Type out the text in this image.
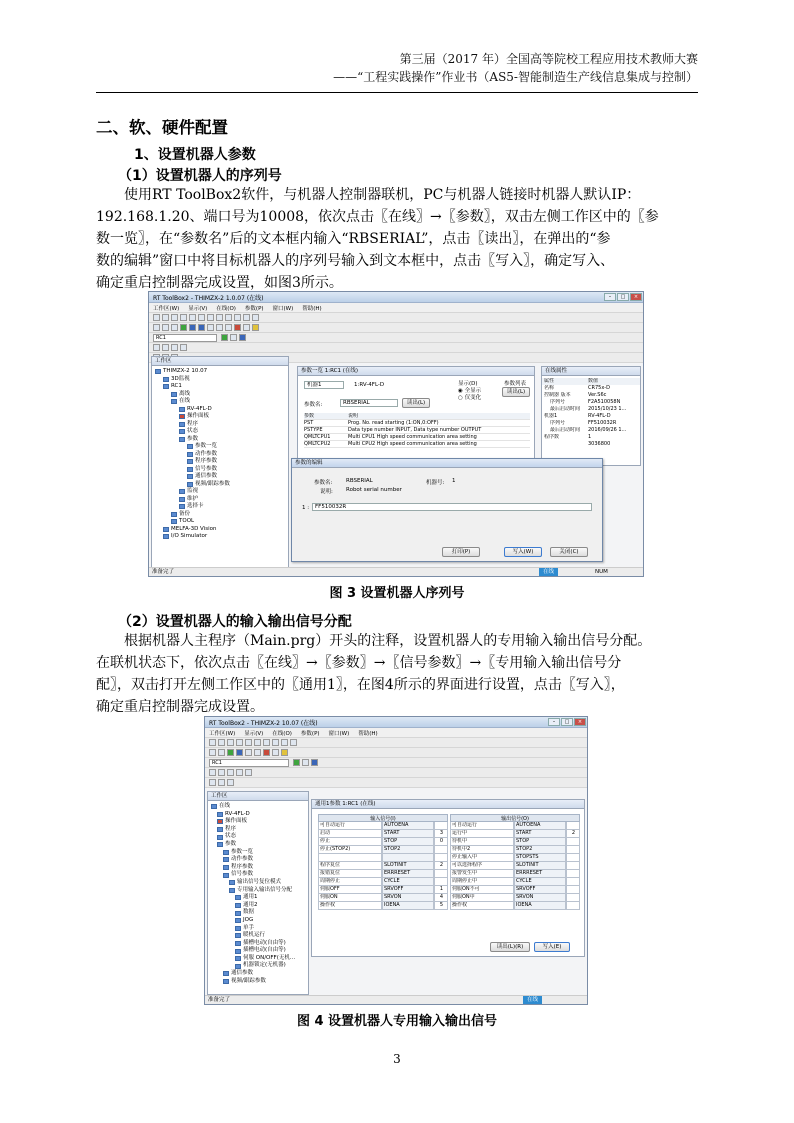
第三届（2017 年）全国高等院校工程应用技术教师大赛
——“工程实践操作”作业书（AS5-智能制造生产线信息集成与控制）
二、软、硬件配置
1、设置机器人参数
（1）设置机器人的序列号
使用RT ToolBox2软件，与机器人控制器联机，PC与机器人链接时机器人默认IP：
192.168.1.20、端口号为10008，依次点击〖在线〗→〖参数〗，双击左侧工作区中的〖参
数一览〗，在“参数名”后的文本框内输入“RBSERIAL”，点击〖读出〗，在弹出的“参
数的编辑”窗口中将目标机器人的序列号输入到文本框中，点击〖写入〗，确定写入、
确定重启控制器完成设置，如图3所示。
RT ToolBox2 - THIMZX-2 1.0.07 (在线)	–	□	×
工作区(W) 显示(V) 在线(O) 参数(P) 窗口(W) 帮助(H)
RC1
工作区
THIMZX-2 10.07
3D监视
RC1
离线
在线
RV-4FL-D
操作面板
程序
状态
参数
参数一览
动作参数
程序参数
信号参数
通信参数
视频/跟踪参数
监视
维护
选择卡
备份
TOOL
MELFA-3D Vision
I/O Simulator
参数一览 1:RC1 (在线)
机器1	1:RV-4FL-D	显示(D)
◉ 全显示
○ 仅变化
参数列表
读出(L)
参数名:	RBSERIAL	读出(L)
参数	说明
PST	Prog. No. read starting (1:ON,0:OFF)
PSTYPE	Data type number INPUT, Data type number OUTPUT
QMLTCPU1	Multi CPU1 High speed communication area setting
QMLTCPU2	Multi CPU2 High speed communication area setting
在线属性
属性	数值
名称	CR75x-D
控制器 版本	Ver.S6c
序列号	F2A510058N
最后启动时间	2015/10/23 1...
机器1	RV-4FL-D
序列号	FF510032R
最后启动时间	2016/09/26 1...
程序数	1
3036800
参数的编辑
参数名: RBSERIAL	机器号: 1
说明: Robot serial number
1 :	FF510032R
打印(P)	写入(W)	关闭(C)
准备完了	在线	NUM
图 3 设置机器人序列号
（2）设置机器人的输入输出信号分配
根据机器人主程序（Main.prg）开头的注释，设置机器人的专用输入输出信号分配。
在联机状态下，依次点击〖在线〗→〖参数〗→〖信号参数〗→〖专用输入输出信号分
配〗，双击打开左侧工作区中的〖通用1〗，在图4所示的界面进行设置，点击〖写入〗，
确定重启控制器完成设置。
RT ToolBox2 - THIMZX-2 10.07 (在线)	–	□	×
工作区(W) 显示(V) 在线(O) 参数(P) 窗口(W) 帮助(H)
RC1
工作区
在线
RV-4FL-D
操作面板
程序
状态
参数
参数一览
动作参数
程序参数
信号参数
输出信号复位模式
专用输入输出信号分配
通用1
通用2
数据
JOG
单手
暖机运行
插槽电动(自由等)
插槽电动(自由等)
伺服 ON/OFF(无机...
机器锁定(无机器)
通信参数
视频/跟踪参数
通用1参数 1:RC1 (在线)
输入信号(I)
可自动运行	AUTOENA
启动	START	3
停止	STOP	0
停止(STOP2)	STOP2
程序复位	SLOTINIT	2
报错复位	ERRRESET
周期停止	CYCLE
伺服OFF	SRVOFF	1
伺服ON	SRVON	4
操作权	IOENA	5
输出信号(O)
可自动运行	AUTOENA
运行中	START	2
待机中	STOP
待机中2	STOP2
停止输入中	STOPSTS
可以选择程序	SLOTINIT
报警发生中	ERRRESET
周期停止中	CYCLE
伺服ON不可	SRVOFF
伺服ON中	SRVON
操作权	IOENA
读出(L)(R)	写入(E)
准备完了	在线
图 4 设置机器人专用输入输出信号
3
